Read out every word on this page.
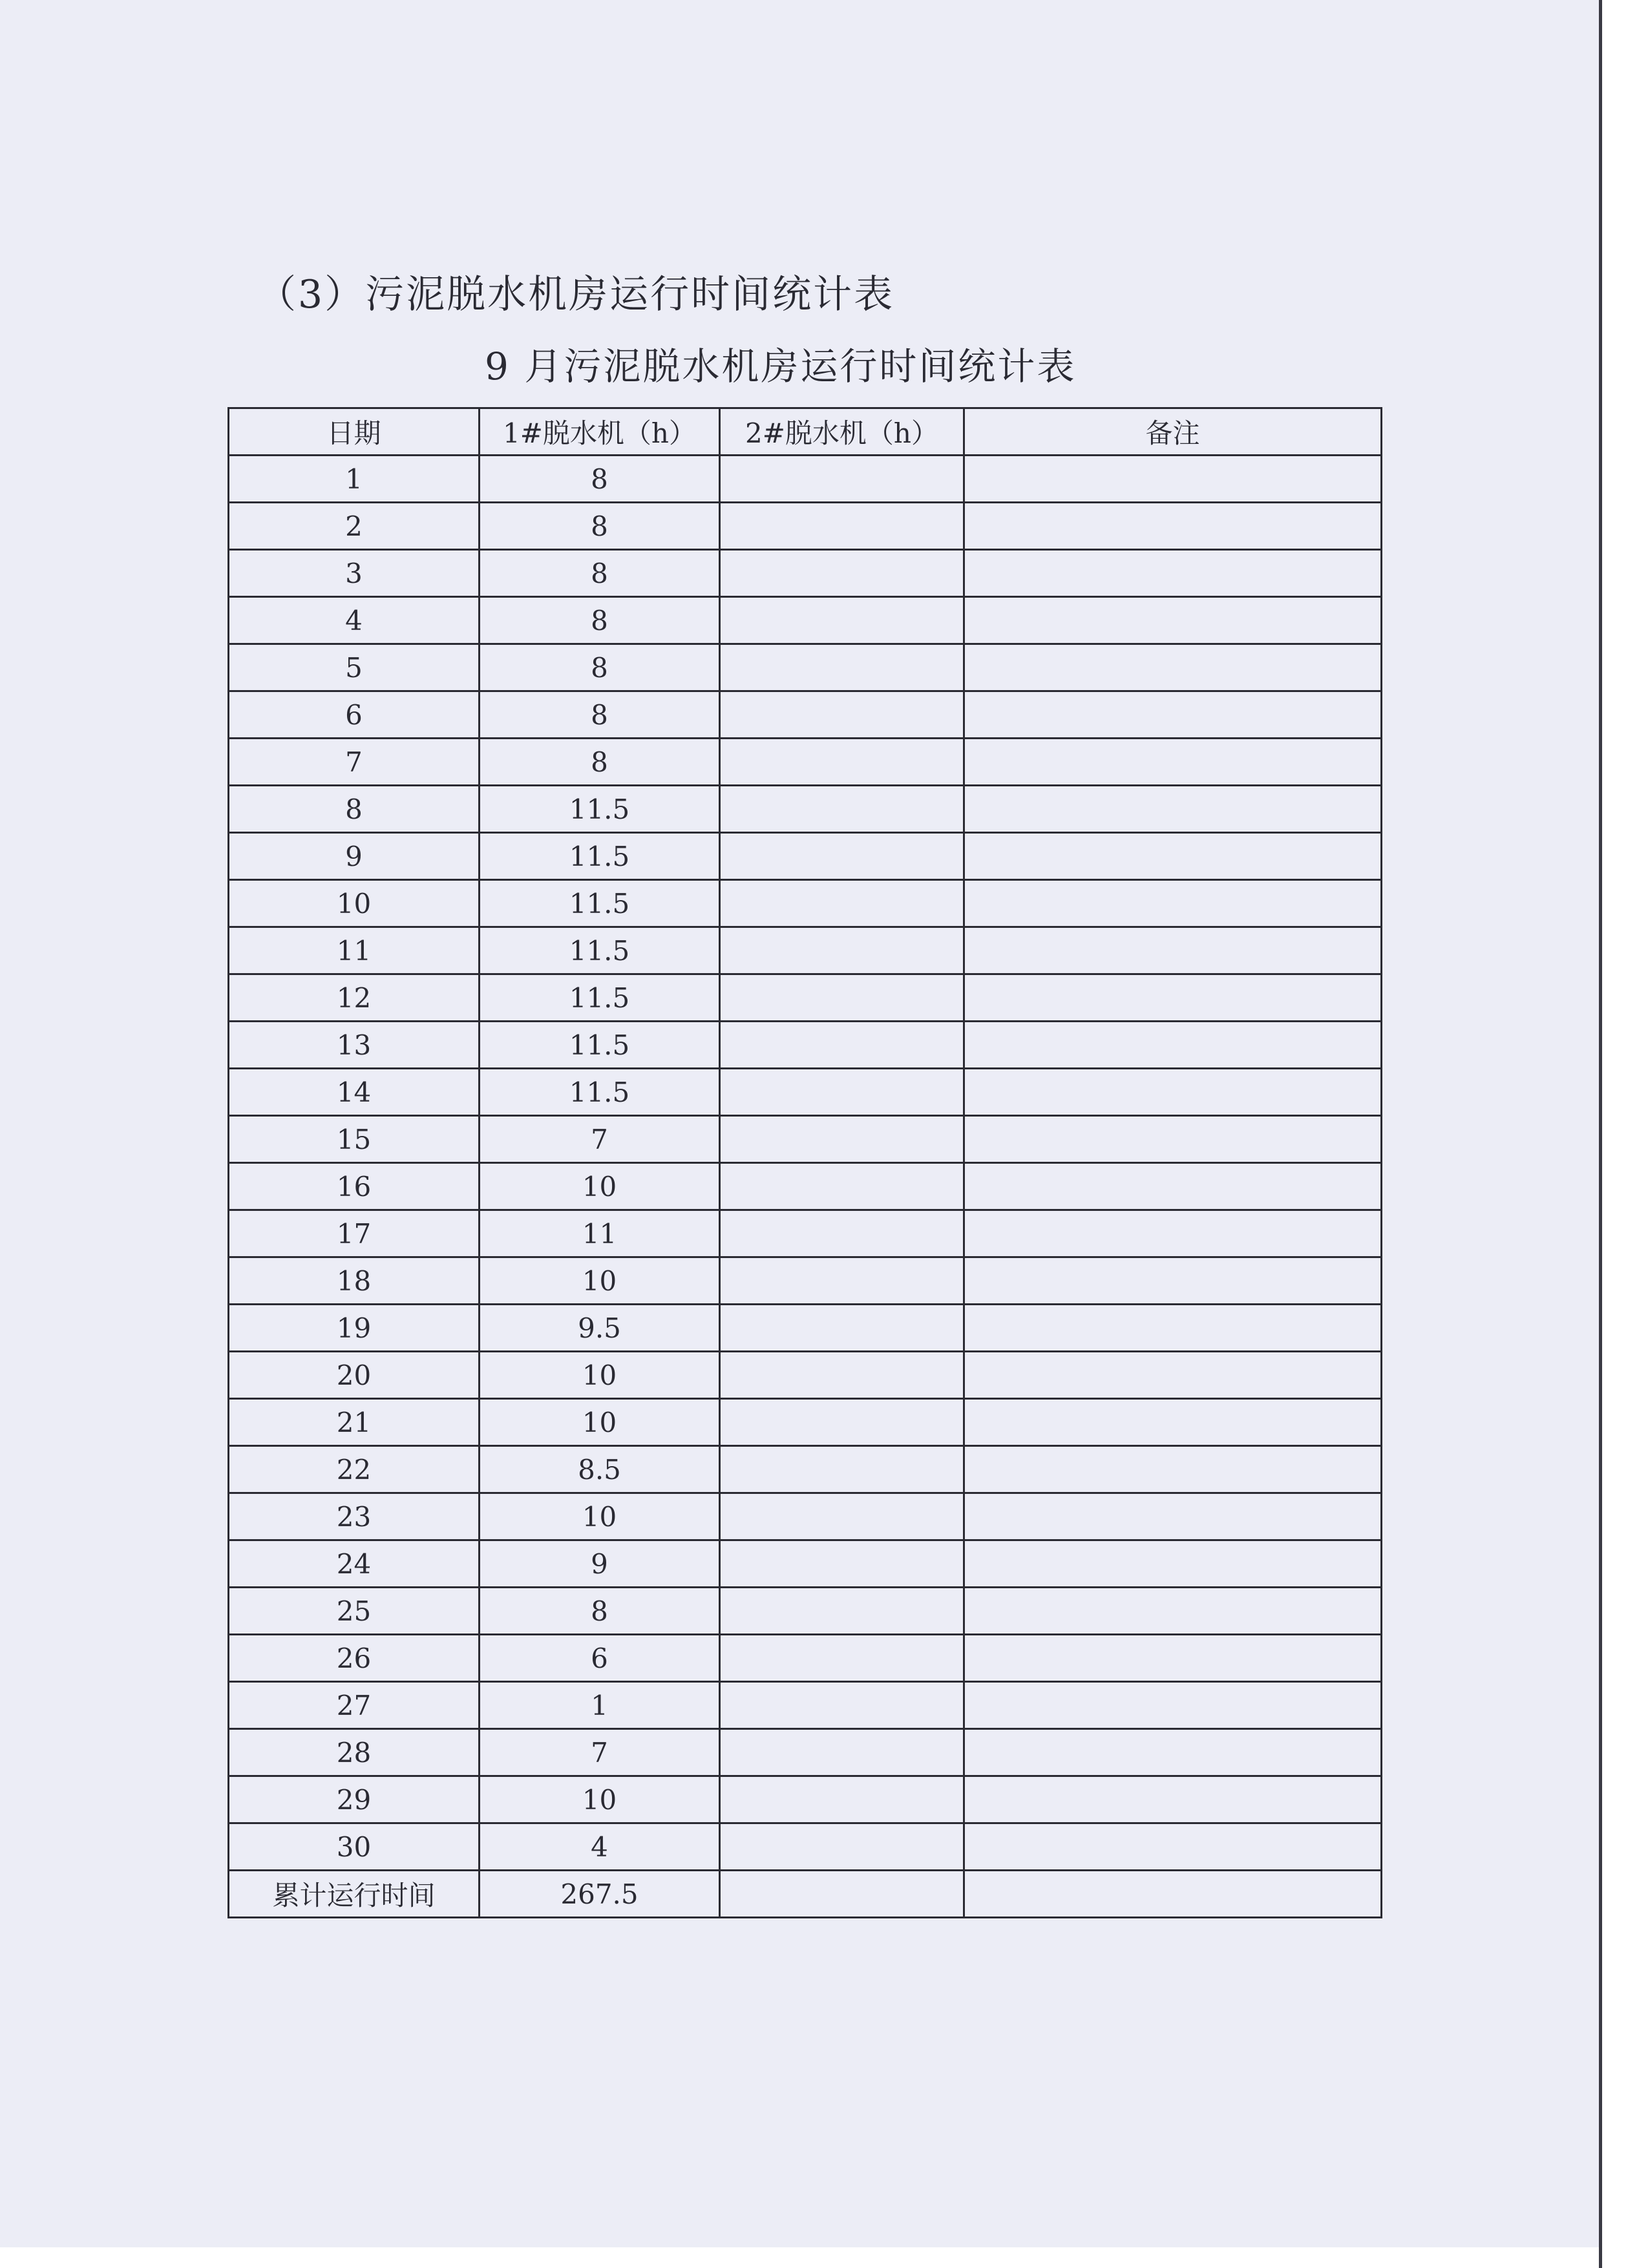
（3）污泥脱水机房运行时间统计表
9 月污泥脱水机房运行时间统计表
日期	1#脱水机（h）	2#脱水机（h）	备注
1	8		
2	8		
3	8		
4	8		
5	8		
6	8		
7	8		
8	11.5		
9	11.5		
10	11.5		
11	11.5		
12	11.5		
13	11.5		
14	11.5		
15	7		
16	10		
17	11		
18	10		
19	9.5		
20	10		
21	10		
22	8.5		
23	10		
24	9		
25	8		
26	6		
27	1		
28	7		
29	10		
30	4		
累计运行时间	267.5		
